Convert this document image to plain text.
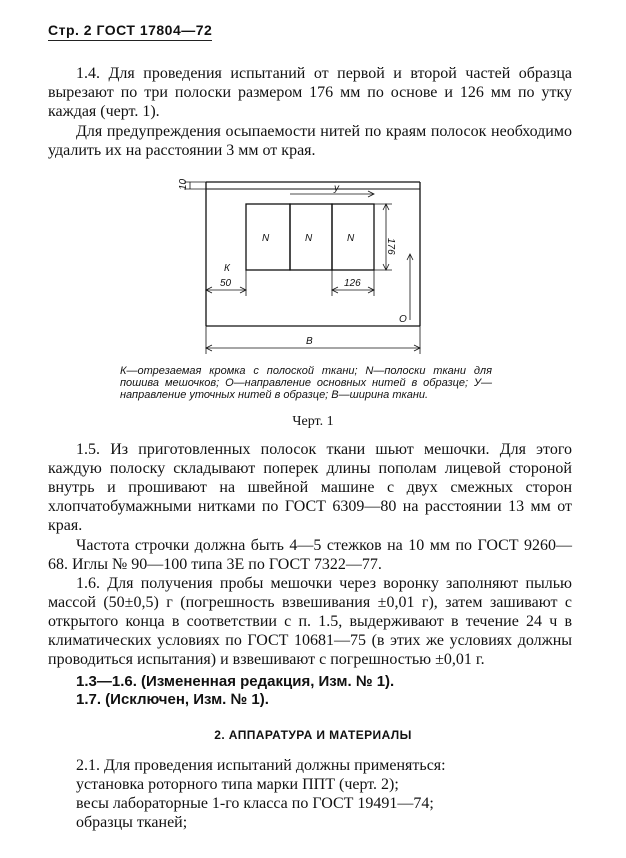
Стр. 2 ГОСТ 17804—72
1.4. Для проведения испытаний от первой и второй частей образца вырезают по три полоски размером 176 мм по основе и 126 мм по утку каждая (черт. 1).
Для предупреждения осыпаемости нитей по краям полосок необходимо удалить их на расстоянии 3 мм от края.
10	у
N	N	N	176
К
50	126
О
В
К—отрезаемая кромка с полоской ткани; N—полоски ткани для пошива мешочков; О—направление основных нитей в образце; У—направление уточных нитей в образце; В—ширина ткани.
Черт. 1
1.5. Из приготовленных полосок ткани шьют мешочки. Для этого каждую полоску складывают поперек длины пополам лицевой стороной внутрь и прошивают на швейной машине с двух смежных сторон хлопчатобумажными нитками по ГОСТ 6309—80 на расстоянии 13 мм от края.
Частота строчки должна быть 4—5 стежков на 10 мм по ГОСТ 9260—68. Иглы № 90—100 типа 3Е по ГОСТ 7322—77.
1.6. Для получения пробы мешочки через воронку заполняют пылью массой (50±0,5) г (погрешность взвешивания ±0,01 г), затем зашивают с открытого конца в соответствии с п. 1.5, выдерживают в течение 24 ч в климатических условиях по ГОСТ 10681—75 (в этих же условиях должны проводиться испытания) и взвешивают с погрешностью ±0,01 г.
1.3—1.6. (Измененная редакция, Изм. № 1).
1.7. (Исключен, Изм. № 1).
2. АППАРАТУРА И МАТЕРИАЛЫ
2.1. Для проведения испытаний должны применяться:
установка роторного типа марки ППТ (черт. 2);
весы лабораторные 1-го класса по ГОСТ 19491—74;
образцы тканей;
